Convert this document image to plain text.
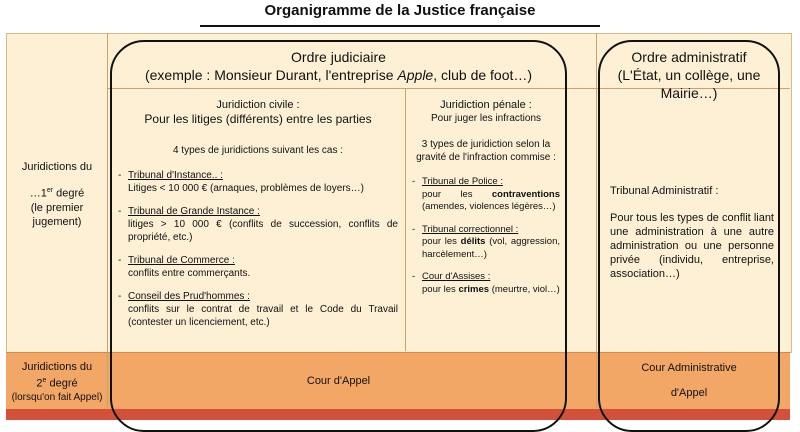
Organigramme de la Justice française
Juridictions du
…1er degré
(le premier
jugement)
Juridictions du
2e degré
(lorsqu'on fait Appel)
Ordre judiciaire
(exemple : Monsieur Durant, l'entreprise Apple, club de foot…)
Juridiction civile :
Pour les litiges (différents) entre les parties
4 types de juridictions suivant les cas :
- Tribunal d'Instance.. :
Litiges < 10 000 € (arnaques, problèmes de loyers…)
- Tribunal de Grande Instance :
litiges > 10 000 € (conflits de succession, conflits de propriété, etc.)
- Tribunal de Commerce :
conflits entre commerçants.
- Conseil des Prud'hommes :
conflits sur le contrat de travail et le Code du Travail (contester un licenciement, etc.)
Juridiction pénale :
Pour juger les infractions
3 types de juridiction selon la gravité de l'infraction commise :
- Tribunal de Police :
pour les contraventions (amendes, violences légères…)
- Tribunal correctionnel :
pour les délits (vol, aggression, harcèlement…)
- Cour d'Assises :
pour les crimes (meurtre, viol…)
Ordre administratif
(L'État, un collège, une Mairie…)
Tribunal Administratif :
Pour tous les types de conflit liant une administration à une autre administration ou une personne privée (individu, entreprise, association…)
Cour d'Appel
Cour Administrative
d'Appel
